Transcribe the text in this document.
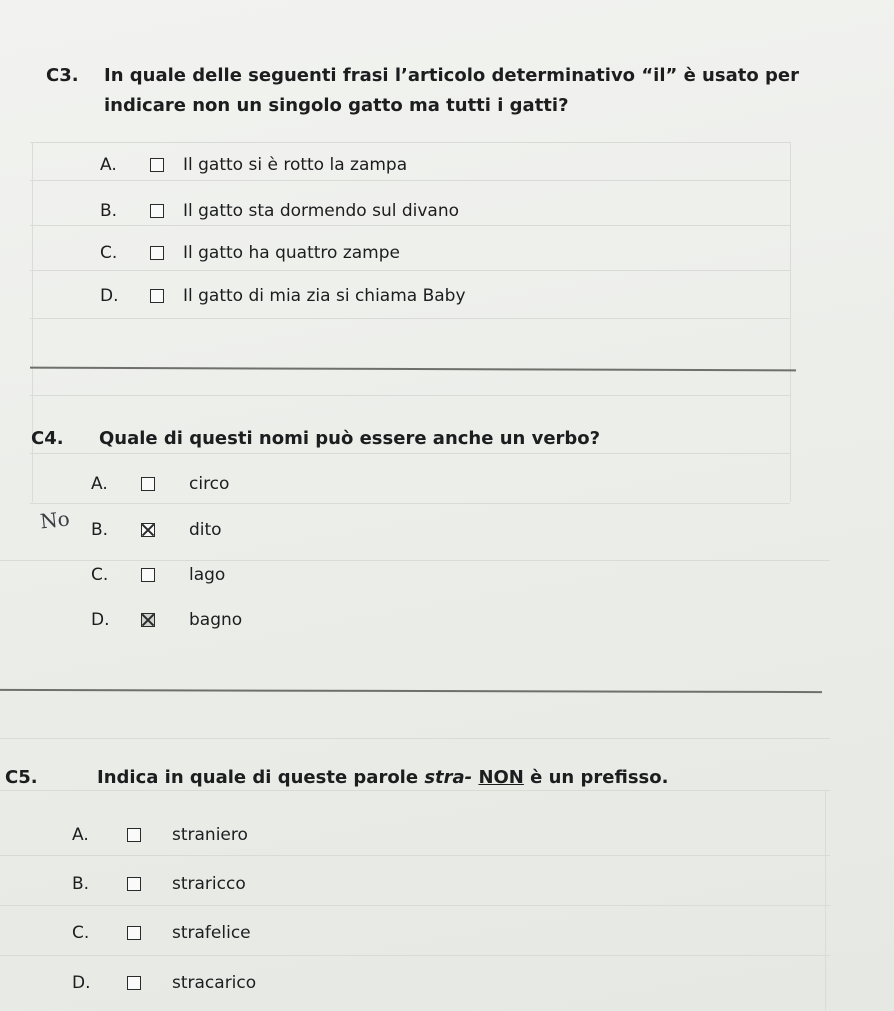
C3. In quale delle seguenti frasi l’articolo determinativo “il” è usato per
indicare non un singolo gatto ma tutti i gatti?
A.	Il gatto si è rotto la zampa
B.	Il gatto sta dormendo sul divano
C.	Il gatto ha quattro zampe
D.	Il gatto di mia zia si chiama Baby
C4. Quale di questi nomi può essere anche un verbo?
No
A.	circo
B.	dito
C.	lago
D.	bagno
C5.	Indica in quale di queste parole stra- NON è un prefisso.
A.	straniero
B.	straricco
C.	strafelice
D.	stracarico
